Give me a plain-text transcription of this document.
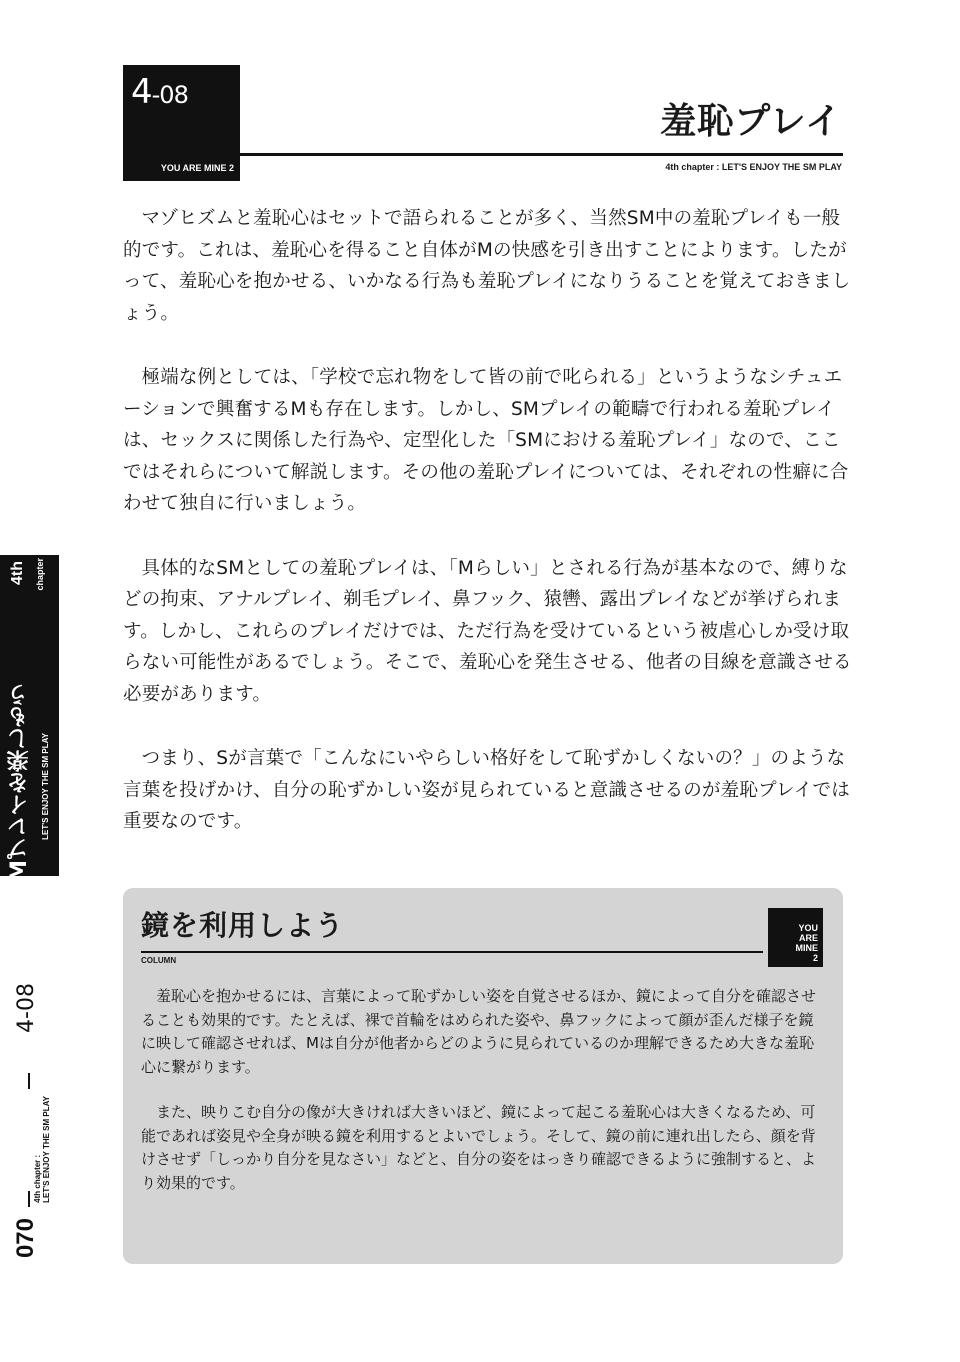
4-08
YOU ARE MINE 2
羞恥プレイ
4th chapter : LET'S ENJOY THE SM PLAY

マゾヒズムと羞恥心はセットで語られることが多く、当然SM中の羞恥プレイも一般的です。これは、羞恥心を得ること自体がMの快感を引き出すことによります。したがって、羞恥心を抱かせる、いかなる行為も羞恥プレイになりうることを覚えておきましょう。

極端な例としては、「学校で忘れ物をして皆の前で叱られる」というようなシチュエーションで興奮するMも存在します。しかし、SMプレイの範疇で行われる羞恥プレイは、セックスに関係した行為や、定型化した「SMにおける羞恥プレイ」なので、ここではそれらについて解説します。その他の羞恥プレイについては、それぞれの性癖に合わせて独自に行いましょう。

具体的なSMとしての羞恥プレイは、「Mらしい」とされる行為が基本なので、縛りなどの拘束、アナルプレイ、剃毛プレイ、鼻フック、猿轡、露出プレイなどが挙げられます。しかし、これらのプレイだけでは、ただ行為を受けているという被虐心しか受け取らない可能性があるでしょう。そこで、羞恥心を発生させる、他者の目線を意識させる必要があります。

つまり、Sが言葉で「こんなにいやらしい格好をして恥ずかしくないの？」のような言葉を投げかけ、自分の恥ずかしい姿が見られていると意識させるのが羞恥プレイでは重要なのです。

鏡を利用しよう
COLUMN
YOU
ARE
MINE
2

羞恥心を抱かせるには、言葉によって恥ずかしい姿を自覚させるほか、鏡によって自分を確認させることも効果的です。たとえば、裸で首輪をはめられた姿や、鼻フックによって顔が歪んだ様子を鏡に映して確認させれば、Mは自分が他者からどのように見られているのか理解できるため大きな羞恥心に繋がります。

また、映りこむ自分の像が大きければ大きいほど、鏡によって起こる羞恥心は大きくなるため、可能であれば姿見や全身が映る鏡を利用するとよいでしょう。そして、鏡の前に連れ出したら、顔を背けさせず「しっかり自分を見なさい」などと、自分の姿をはっきり確認できるように強制すると、より効果的です。

4th chapter
SMプレイを楽しもう LET'S ENJOY THE SM PLAY
070
4th chapter :
LET'S ENJOY THE SM PLAY
4-08
